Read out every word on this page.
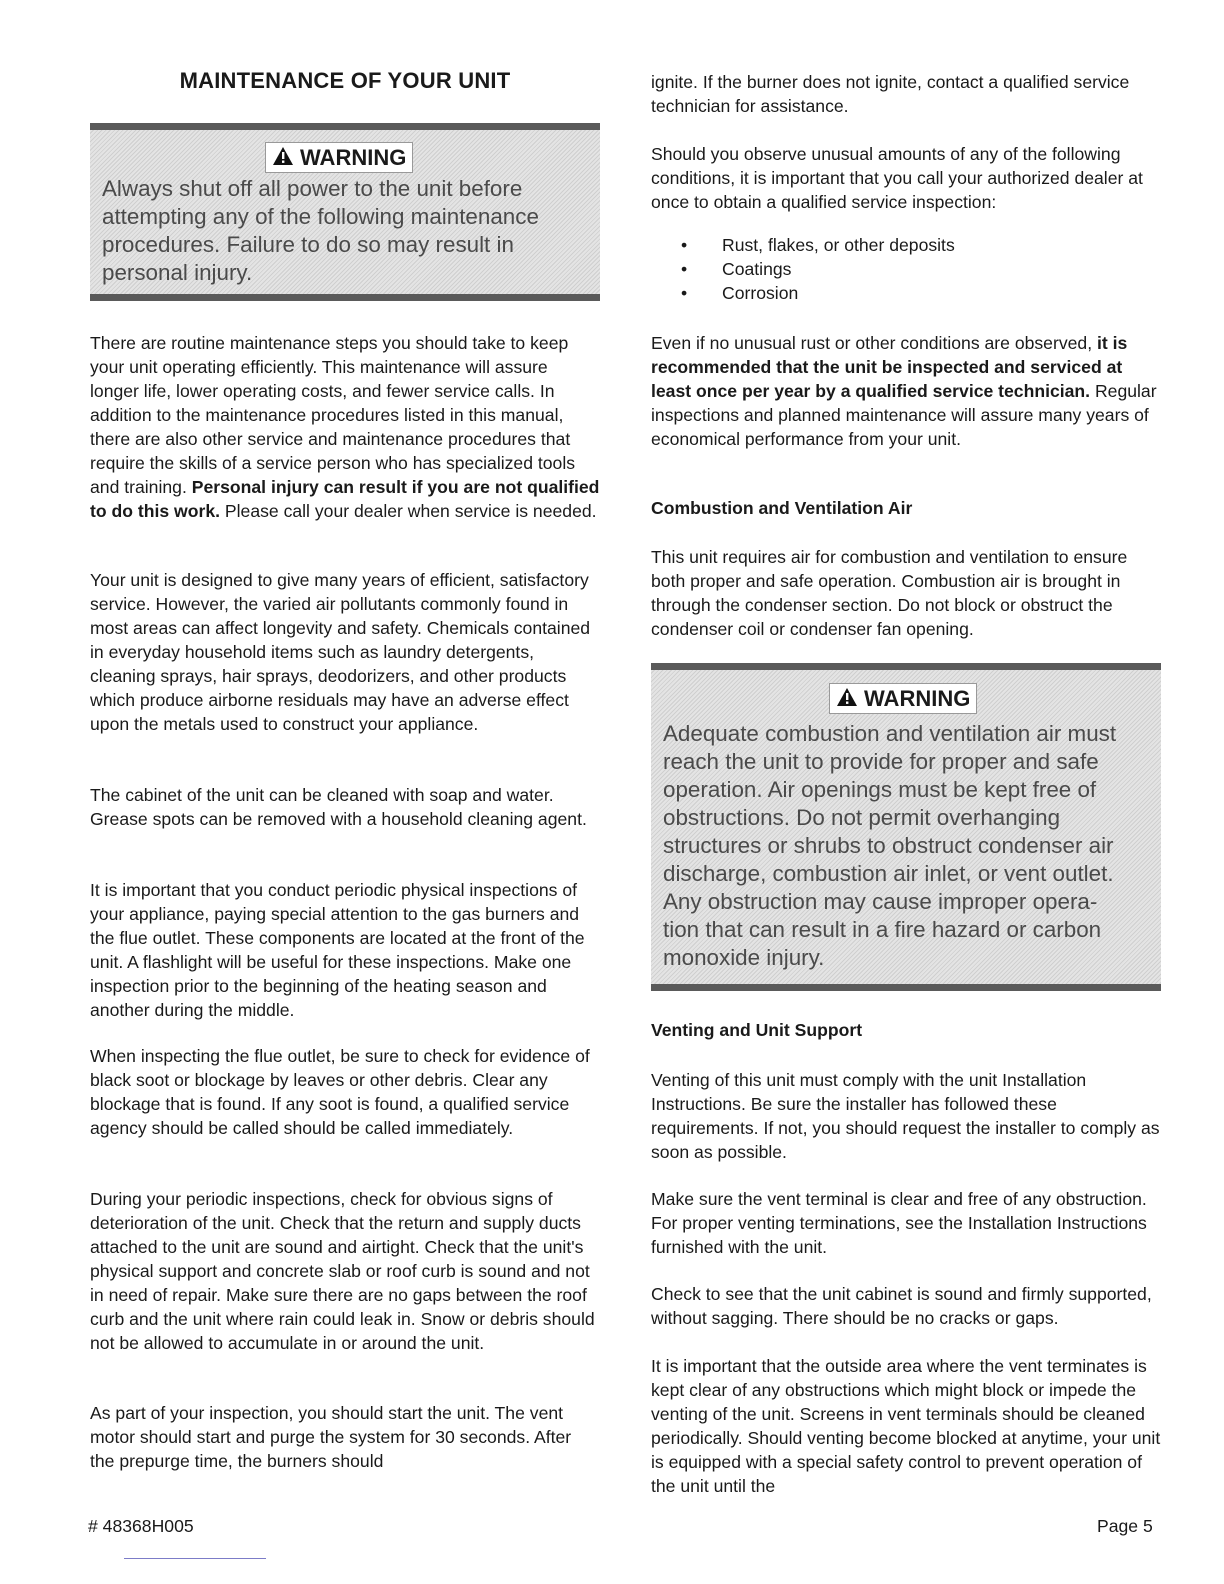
MAINTENANCE OF YOUR UNIT
WARNING

Always shut off all power to the unit before
attempting any of the following maintenance
procedures. Failure to do so may result in
personal injury.

There are routine maintenance steps you should take to keep your unit operating efficiently. This maintenance will assure longer life, lower operating costs, and fewer service calls. In addition to the maintenance procedures listed in this manual, there are also other service and maintenance procedures that require the skills of a service person who has specialized tools and training. Personal injury can result if you are not qualified to do this work. Please call your dealer when service is needed.

Your unit is designed to give many years of efficient, satisfactory service. However, the varied air pollutants commonly found in most areas can affect longevity and safety. Chemicals contained in everyday household items such as laundry detergents, cleaning sprays, hair sprays, deodorizers, and other products which produce airborne residuals may have an adverse effect upon the metals used to construct your appliance.

The cabinet of the unit can be cleaned with soap and water. Grease spots can be removed with a household cleaning agent.

It is important that you conduct periodic physical inspections of your appliance, paying special attention to the gas burners and the flue outlet. These components are located at the front of the unit. A flashlight will be useful for these inspections. Make one inspection prior to the beginning of the heating season and another during the middle.

When inspecting the flue outlet, be sure to check for evidence of black soot or blockage by leaves or other debris. Clear any blockage that is found. If any soot is found, a qualified service agency should be called should be called immediately.

During your periodic inspections, check for obvious signs of deterioration of the unit. Check that the return and supply ducts attached to the unit are sound and airtight. Check that the unit's physical support and concrete slab or roof curb is sound and not in need of repair. Make sure there are no gaps between the roof curb and the unit where rain could leak in. Snow or debris should not be allowed to accumulate in or around the unit.

As part of your inspection, you should start the unit. The vent motor should start and purge the system for 30 seconds. After the prepurge time, the burners should

ignite. If the burner does not ignite, contact a qualified service technician for assistance.

Should you observe unusual amounts of any of the following conditions, it is important that you call your authorized dealer at once to obtain a qualified service inspection:

• Rust, flakes, or other deposits
• Coatings
• Corrosion

Even if no unusual rust or other conditions are observed, it is recommended that the unit be inspected and serviced at least once per year by a qualified service technician. Regular inspections and planned maintenance will assure many years of economical performance from your unit.

Combustion and Ventilation Air

This unit requires air for combustion and ventilation to ensure both proper and safe operation. Combustion air is brought in through the condenser section. Do not block or obstruct the condenser coil or condenser fan opening.

WARNING

Adequate combustion and ventilation air must
reach the unit to provide for proper and safe
operation. Air openings must be kept free of
obstructions. Do not permit overhanging
structures or shrubs to obstruct condenser air
discharge, combustion air inlet, or vent outlet.
Any obstruction may cause improper opera-
tion that can result in a fire hazard or carbon
monoxide injury.

Venting and Unit Support

Venting of this unit must comply with the unit Installation Instructions. Be sure the installer has followed these requirements. If not, you should request the installer to comply as soon as possible.

Make sure the vent terminal is clear and free of any obstruction. For proper venting terminations, see the Installation Instructions furnished with the unit.

Check to see that the unit cabinet is sound and firmly supported, without sagging. There should be no cracks or gaps.

It is important that the outside area where the vent terminates is kept clear of any obstructions which might block or impede the venting of the unit. Screens in vent terminals should be cleaned periodically. Should venting become blocked at anytime, your unit is equipped with a special safety control to prevent operation of the unit until the

# 48368H005	Page 5
